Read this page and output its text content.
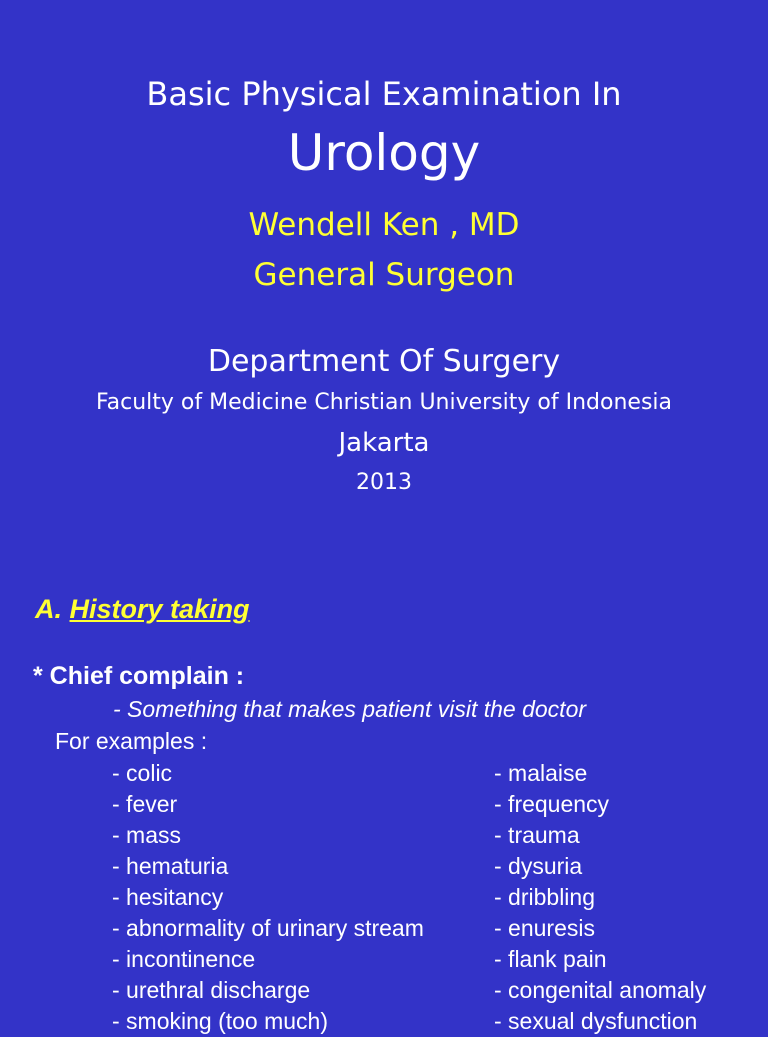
Basic Physical Examination In
Urology
Wendell Ken , MD
General Surgeon
Department Of Surgery
Faculty of Medicine Christian University of Indonesia
Jakarta
2013
A. History taking
* Chief complain :
- Something that makes patient visit the doctor
For examples :
- colic
- fever
- mass
- hematuria
- hesitancy
- abnormality of urinary stream
- incontinence
- urethral discharge
- smoking (too much)
- malaise
- frequency
- trauma
- dysuria
- dribbling
- enuresis
- flank pain
- congenital anomaly
- sexual dysfunction
